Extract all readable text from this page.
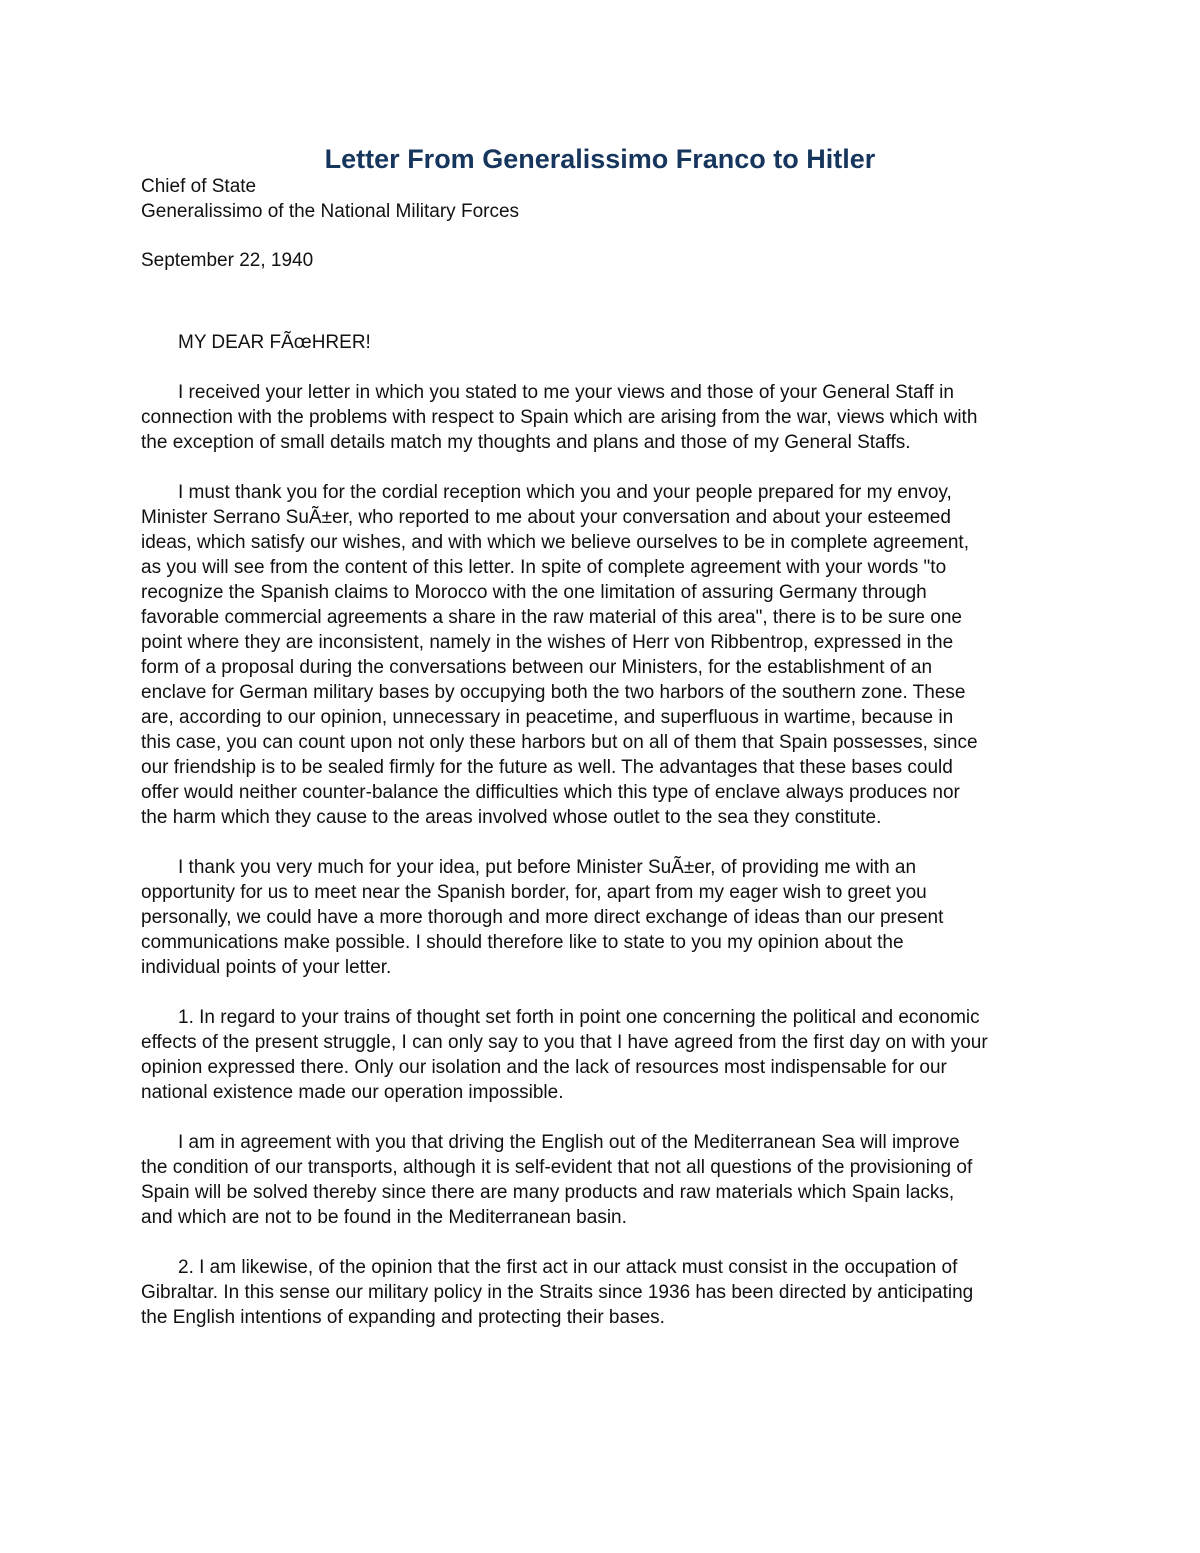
Letter From Generalissimo Franco to Hitler
Chief of State
Generalissimo of the National Military Forces
September 22, 1940
MY DEAR FÃœHRER!

I received your letter in which you stated to me your views and those of your General Staff in
connection with the problems with respect to Spain which are arising from the war, views which with
the exception of small details match my thoughts and plans and those of my General Staffs.

I must thank you for the cordial reception which you and your people prepared for my envoy,
Minister Serrano SuÃ±er, who reported to me about your conversation and about your esteemed
ideas, which satisfy our wishes, and with which we believe ourselves to be in complete agreement,
as you will see from the content of this letter. In spite of complete agreement with your words "to
recognize the Spanish claims to Morocco with the one limitation of assuring Germany through
favorable commercial agreements a share in the raw material of this area", there is to be sure one
point where they are inconsistent, namely in the wishes of Herr von Ribbentrop, expressed in the
form of a proposal during the conversations between our Ministers, for the establishment of an
enclave for German military bases by occupying both the two harbors of the southern zone. These
are, according to our opinion, unnecessary in peacetime, and superfluous in wartime, because in
this case, you can count upon not only these harbors but on all of them that Spain possesses, since
our friendship is to be sealed firmly for the future as well. The advantages that these bases could
offer would neither counter-balance the difficulties which this type of enclave always produces nor
the harm which they cause to the areas involved whose outlet to the sea they constitute.

I thank you very much for your idea, put before Minister SuÃ±er, of providing me with an
opportunity for us to meet near the Spanish border, for, apart from my eager wish to greet you
personally, we could have a more thorough and more direct exchange of ideas than our present
communications make possible. I should therefore like to state to you my opinion about the
individual points of your letter.

1. In regard to your trains of thought set forth in point one concerning the political and economic
effects of the present struggle, I can only say to you that I have agreed from the first day on with your
opinion expressed there. Only our isolation and the lack of resources most indispensable for our
national existence made our operation impossible.

I am in agreement with you that driving the English out of the Mediterranean Sea will improve
the condition of our transports, although it is self-evident that not all questions of the provisioning of
Spain will be solved thereby since there are many products and raw materials which Spain lacks,
and which are not to be found in the Mediterranean basin.

2. I am likewise, of the opinion that the first act in our attack must consist in the occupation of
Gibraltar. In this sense our military policy in the Straits since 1936 has been directed by anticipating
the English intentions of expanding and protecting their bases.
